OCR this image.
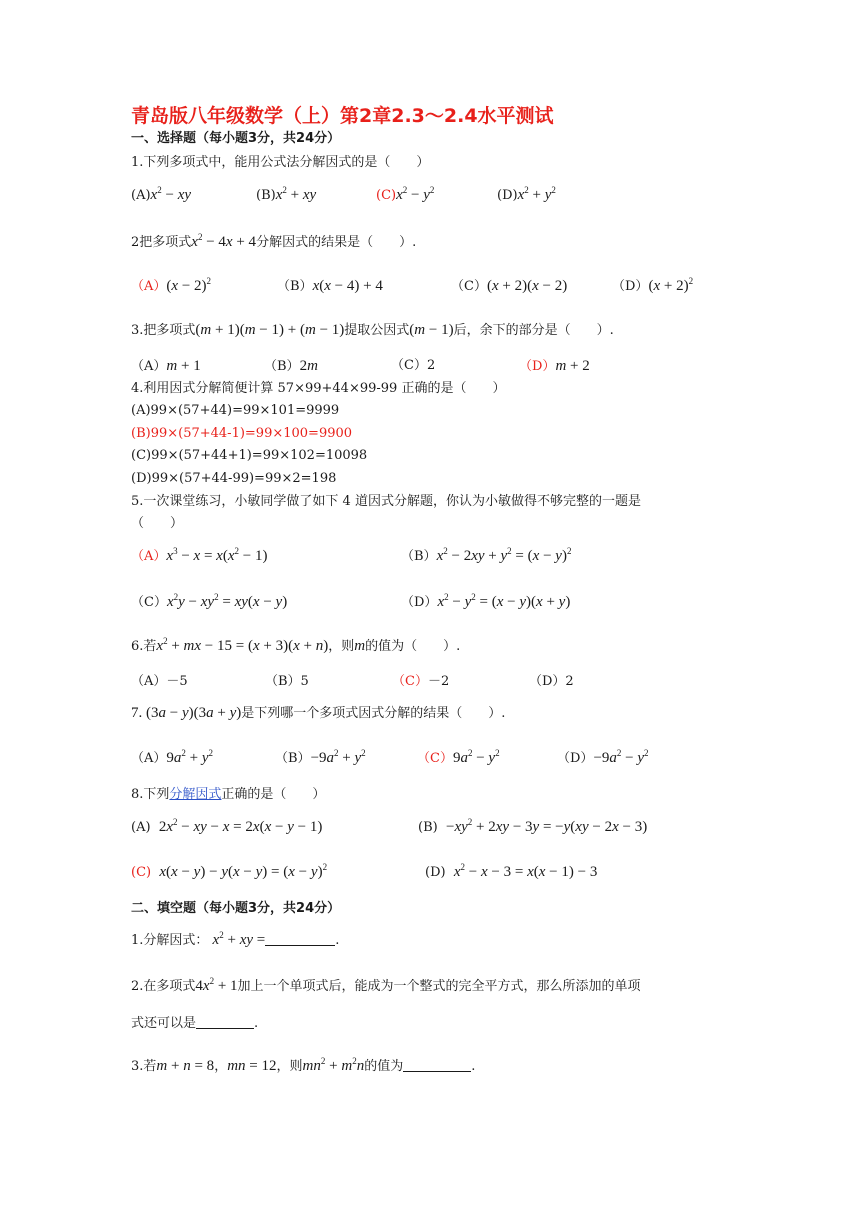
青岛版八年级数学（上）第2章2.3～2.4水平测试
一、选择题（每小题3分，共24分）
1.下列多项式中，能用公式法分解因式的是（　　）
$(A)x^2$ − xy	$(B)x^2$ + xy	$(C)x^2 - y^2$	$(D)x^2 + y^2$
2把多项式$x^2 - 4x + 4$分解因式的结果是（　　）.
$(A)(x - 2)^2$	（B）x(x − 4) + 4	（C）(x + 2)(x − 2)	$(D)(x + 2)^2$
3.把多项式(m + 1)(m − 1) + (m − 1)提取公因式(m − 1)后，余下的部分是（　　）.
（A）m + 1	（B）2m	（C）2	（D）m + 2
4.利用因式分解简便计算 57×99+44×99-99 正确的是（　　）
(A)99×(57+44)=99×101=9999
(B)99×(57+44-1)=99×100=9900
(C)99×(57+44+1)=99×102=10098
(D)99×(57+44-99)=99×2=198
5.一次课堂练习，小敏同学做了如下 4 道因式分解题，你认为小敏做得不够完整的一题是
（　　）
$(A)x^3 - x = x(x^2 - 1)$	$(B)x^2 - 2xy + y^2 = (x - y)^2$
$(C)x^2y - xy^2 = xy(x - y)$	$(D)x^2 - y^2 = (x - y)(x + y)$
6.若$x^2$ + mx − 15 = (x + 3)(x + n)，则m的值为（　　）.
（A）－5	（B）5	（C）－2	（D）2
7. (3a − y)(3a + y)是下列哪一个多项式因式分解的结果（　　）.
$(A)9a^2 + y^2$	$(B)-9a^2 + y^2$	$(C)9a^2 - y^2$	$(D)-9a^2 - y^2$
8.下列分解因式正确的是（　　）
(A) $2x^2$ − xy − x = 2x(x − y − 1)	$(B) -xy^2 + 2xy - 3y = -y(xy - 2x - 3)$
(C) $x(x - y) - y(x - y) = (x - y)^2$	(D) $x^2 - x - 3 = x(x - 1) - 3$
二、填空题（每小题3分，共24分）
1.分解因式： $x^2$ + xy =	.
2.在多项式$4x^2 + 1$加上一个单项式后，能成为一个整式的完全平方式，那么所添加的单项
式还可以是	.
3.若m + n = 8，mn = 12，则$mn^2 + m^2n$的值为	.
